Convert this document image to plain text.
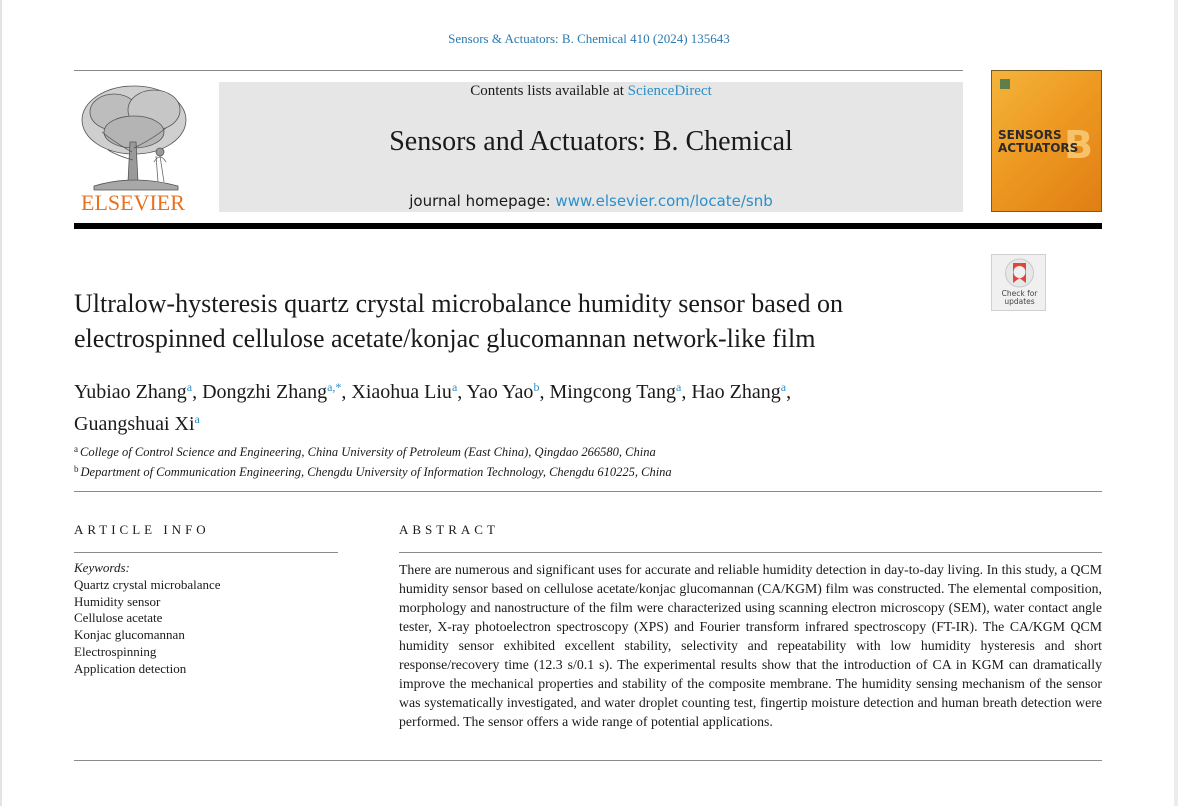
Sensors & Actuators: B. Chemical 410 (2024) 135643
ELSEVIER
Contents lists available at ScienceDirect
Sensors and Actuators: B. Chemical
journal homepage: www.elsevier.com/locate/snb
B
SENSORS
ACTUATORS
Check for
updates
Ultralow-hysteresis quartz crystal microbalance humidity sensor based on electrospinned cellulose acetate/konjac glucomannan network-like film
Yubiao Zhang$^a$, Dongzhi Zhang$^{a,*}$, Xiaohua Liu$^a$, Yao Yao$^b$, Mingcong Tang$^a$, Hao Zhang$^a$,
Guangshuai Xi$^a$
$^a$ College of Control Science and Engineering, China University of Petroleum (East China), Qingdao 266580, China
$^b$ Department of Communication Engineering, Chengdu University of Information Technology, Chengdu 610225, China
ARTICLE INFO	ABSTRACT
Keywords:
Quartz crystal microbalance
Humidity sensor
Cellulose acetate
Konjac glucomannan
Electrospinning
Application detection
There are numerous and significant uses for accurate and reliable humidity detection in day-to-day living. In this study, a QCM humidity sensor based on cellulose acetate/konjac glucomannan (CA/KGM) film was constructed. The elemental composition, morphology and nanostructure of the film were characterized using scanning electron microscopy (SEM), water contact angle tester, X-ray photoelectron spectroscopy (XPS) and Fourier transform infrared spectroscopy (FT-IR). The CA/KGM QCM humidity sensor exhibited excellent stability, selectivity and repeatability with low humidity hysteresis and short response/recovery time (12.3 s/0.1 s). The experimental results show that the introduction of CA in KGM can dramatically improve the mechanical properties and stability of the composite membrane. The humidity sensing mechanism of the sensor was systematically investigated, and water droplet counting test, fingertip moisture detection and human breath detection were performed. The sensor offers a wide range of potential applications.
